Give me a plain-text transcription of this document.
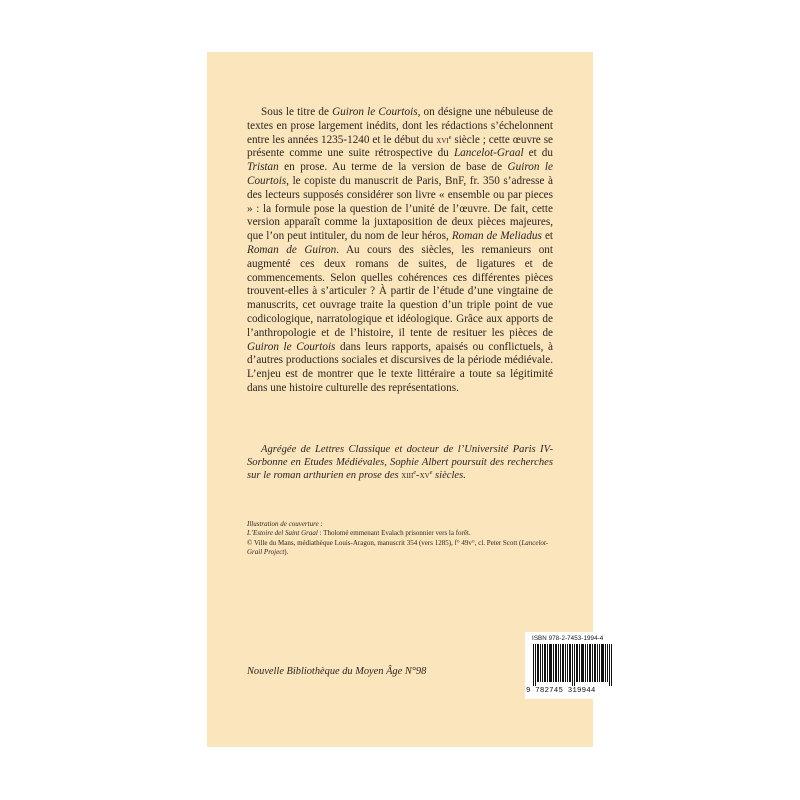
Sous le titre de Guiron le Courtois, on désigne une nébuleuse de textes en prose largement inédits, dont les rédactions s’échelonnent entre les années 1235-1240 et le début du xvi$^e$ siècle ; cette œuvre se présente comme une suite rétrospective du Lancelot-Graal et du Tristan en prose. Au terme de la version de base de Guiron le Courtois, le copiste du manuscrit de Paris, BnF, fr. 350 s’adresse à des lecteurs supposés considérer son livre « ensemble ou par pieces » : la formule pose la question de l’unité de l’œuvre. De fait, cette version apparaît comme la juxtaposition de deux pièces majeures, que l’on peut intituler, du nom de leur héros, Roman de Meliadus et Roman de Guiron. Au cours des siècles, les remanieurs ont augmenté ces deux romans de suites, de ligatures et de commencements. Selon quelles cohérences ces différentes pièces trouvent-elles à s’articuler ? À partir de l’étude d’une vingtaine de manuscrits, cet ouvrage traite la question d’un triple point de vue codicologique, narratologique et idéologique. Grâce aux apports de l’anthropologie et de l’histoire, il tente de resituer les pièces de Guiron le Courtois dans leurs rapports, apaisés ou conflictuels, à d’autres productions sociales et discursives de la période médiévale. L’enjeu est de montrer que le texte littéraire a toute sa légitimité dans une histoire culturelle des représentations.

Agrégée de Lettres Classique et docteur de l’Université Paris IV-Sorbonne en Etudes Médiévales, Sophie Albert poursuit des recherches sur le roman arthurien en prose des $xiii^e-xv^e$ siècles.

Illustration de couverture :
L’Estoire del Saint Graal : Tholomé emmenant Evalach prisonnier vers la forêt.
© Ville du Mans, médiathèque Louis-Aragon, manuscrit 354 (vers 1285), f° 49v°, cl. Peter Scott (Lancelot-Grail Project).

Nouvelle Bibliothèque du Moyen Âge N°98
ISBN 978-2-7453-1994-4
9 782745 319944
